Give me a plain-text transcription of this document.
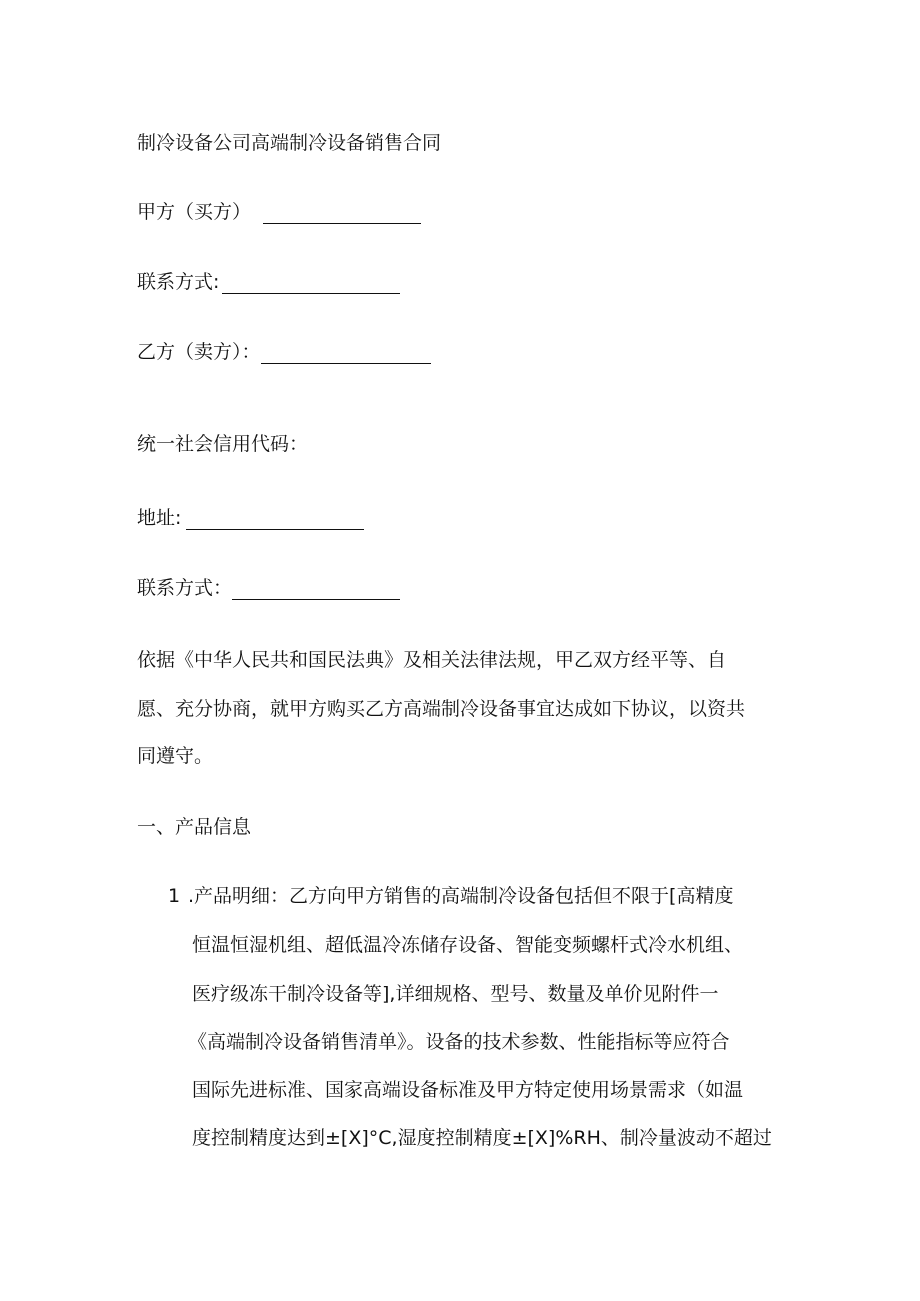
制冷设备公司高端制冷设备销售合同
甲方（买方）
联系方式:
乙方（卖方）：
统一社会信用代码：
地址:
联系方式：
依据《中华人民共和国民法典》及相关法律法规，甲乙双方经平等、自
愿、充分协商，就甲方购买乙方高端制冷设备事宜达成如下协议，以资共
同遵守。
一、产品信息
1 .产品明细：乙方向甲方销售的高端制冷设备包括但不限于[高精度
恒温恒湿机组、超低温冷冻储存设备、智能变频螺杆式冷水机组、
医疗级冻干制冷设备等],详细规格、型号、数量及单价见附件一
《高端制冷设备销售清单》。设备的技术参数、性能指标等应符合
国际先进标准、国家高端设备标准及甲方特定使用场景需求（如温
度控制精度达到±[X]°C,湿度控制精度±[X]%RH、制冷量波动不超过
